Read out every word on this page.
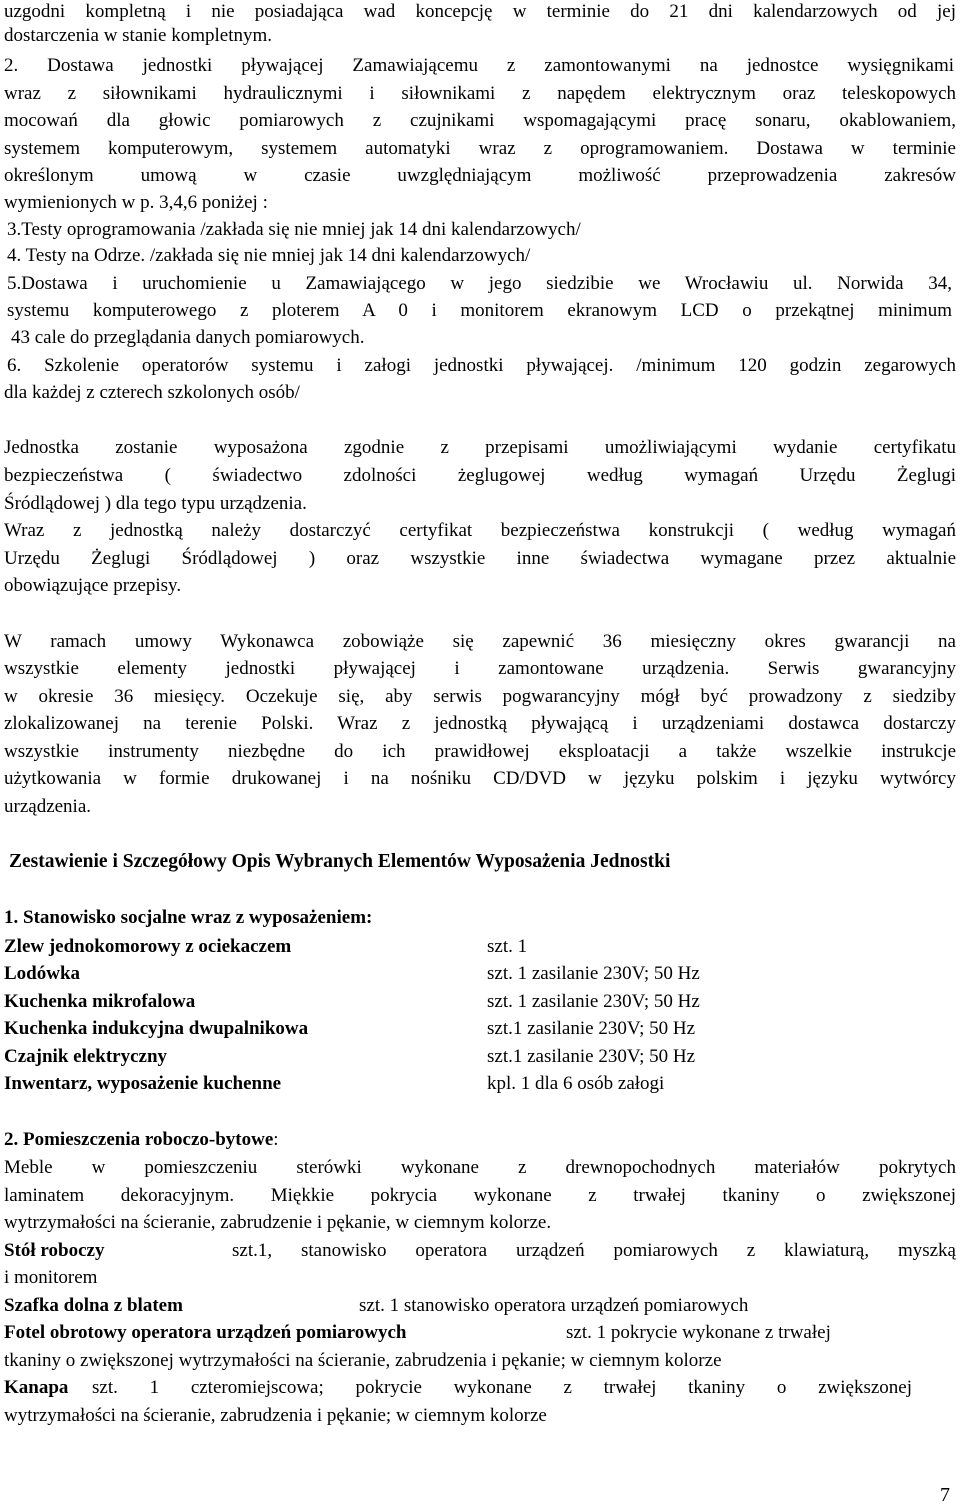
uzgodni kompletną i nie posiadająca wad koncepcję w terminie do 21 dni kalendarzowych od jej
dostarczenia w stanie kompletnym.
2. Dostawa jednostki pływającej Zamawiającemu z zamontowanymi na jednostce wysięgnikami
wraz z siłownikami hydraulicznymi i siłownikami z napędem elektrycznym oraz teleskopowych
mocowań dla głowic pomiarowych z czujnikami wspomagającymi pracę sonaru, okablowaniem,
systemem komputerowym, systemem automatyki wraz z oprogramowaniem. Dostawa w terminie
określonym umową w czasie uwzględniającym możliwość przeprowadzenia zakresów
wymienionych w p. 3,4,6 poniżej :
3.Testy oprogramowania /zakłada się nie mniej jak 14 dni kalendarzowych/
4. Testy na Odrze. /zakłada się nie mniej jak 14 dni kalendarzowych/
5.Dostawa i uruchomienie u Zamawiającego w jego siedzibie we Wrocławiu ul. Norwida 34,
systemu komputerowego z ploterem A 0 i monitorem ekranowym LCD o przekątnej minimum
43 cale do przeglądania danych pomiarowych.
6. Szkolenie operatorów systemu i załogi jednostki pływającej. /minimum 120 godzin zegarowych
dla każdej z czterech szkolonych osób/
Jednostka zostanie wyposażona zgodnie z przepisami umożliwiającymi wydanie certyfikatu
bezpieczeństwa ( świadectwo zdolności żeglugowej według wymagań Urzędu Żeglugi
Śródlądowej ) dla tego typu urządzenia.
Wraz z jednostką należy dostarczyć certyfikat bezpieczeństwa konstrukcji ( według wymagań
Urzędu Żeglugi Śródlądowej ) oraz wszystkie inne świadectwa wymagane przez aktualnie
obowiązujące przepisy.
W ramach umowy Wykonawca zobowiąże się zapewnić 36 miesięczny okres gwarancji na
wszystkie elementy jednostki pływającej i zamontowane urządzenia. Serwis gwarancyjny
w okresie 36 miesięcy. Oczekuje się, aby serwis pogwarancyjny mógł być prowadzony z siedziby
zlokalizowanej na terenie Polski. Wraz z jednostką pływającą i urządzeniami dostawca dostarczy
wszystkie instrumenty niezbędne do ich prawidłowej eksploatacji a także wszelkie instrukcje
użytkowania w formie drukowanej i na nośniku CD/DVD w języku polskim i języku wytwórcy
urządzenia.
Zestawienie i Szczegółowy Opis Wybranych Elementów Wyposażenia Jednostki
1. Stanowisko socjalne wraz z wyposażeniem:
Zlew jednokomorowy z ociekaczem	szt. 1
Lodówka	szt. 1 zasilanie 230V; 50 Hz
Kuchenka mikrofalowa	szt. 1 zasilanie 230V; 50 Hz
Kuchenka indukcyjna dwupalnikowa	szt.1 zasilanie 230V; 50 Hz
Czajnik elektryczny	szt.1 zasilanie 230V; 50 Hz
Inwentarz, wyposażenie kuchenne	kpl. 1 dla 6 osób załogi
2. Pomieszczenia roboczo-bytowe:
Meble w pomieszczeniu sterówki wykonane z drewnopochodnych materiałów pokrytych
laminatem dekoracyjnym. Miękkie pokrycia wykonane z trwałej tkaniny o zwiększonej
wytrzymałości na ścieranie, zabrudzenie i pękanie, w ciemnym kolorze.
Stół roboczy	szt.1, stanowisko operatora urządzeń pomiarowych z klawiaturą, myszką
i monitorem
Szafka dolna z blatem	szt. 1 stanowisko operatora urządzeń pomiarowych
Fotel obrotowy operatora urządzeń pomiarowych	szt. 1 pokrycie wykonane z trwałej
tkaniny o zwiększonej wytrzymałości na ścieranie, zabrudzenia i pękanie; w ciemnym kolorze
Kanapa szt. 1 czteromiejscowa; pokrycie wykonane z trwałej tkaniny o zwiększonej
wytrzymałości na ścieranie, zabrudzenia i pękanie; w ciemnym kolorze
7
